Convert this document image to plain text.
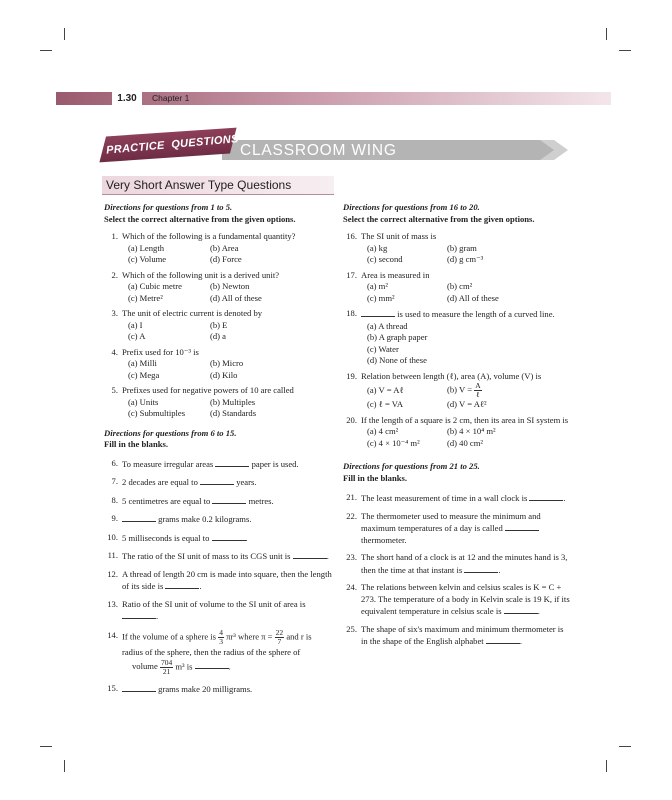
1.30	Chapter 1
PRACTICE QUESTIONS CLASSROOM WING
Very Short Answer Type Questions
Directions for questions from 1 to 5.
Select the correct alternative from the given options.
1. Which of the following is a fundamental quantity?
(a) Length	(b) Area
(c) Volume	(d) Force
2. Which of the following unit is a derived unit?
(a) Cubic metre	(b) Newton
(c) Metre²	(d) All of these
3. The unit of electric current is denoted by
(a) I	(b) E
(c) A	(d) a
4. Prefix used for 10⁻³ is
(a) Milli	(b) Micro
(c) Mega	(d) Kilo
5. Prefixes used for negative powers of 10 are called
(a) Units	(b) Multiples
(c) Submultiples	(d) Standards
Directions for questions from 6 to 15.
Fill in the blanks.
6. To measure irregular areas	paper is used.
7. 2 decades are equal to	years.
8. 5 centimetres are equal to	metres.
9.	grams make 0.2 kilograms.
10. 5 milliseconds is equal to	.
11. The ratio of the SI unit of mass to its CGS unit is	.
12. A thread of length 20 cm is made into square, then the length of its side is	.
13. Ratio of the SI unit of volume to the SI unit of area is .
14. If the volume of a sphere is $\frac{4}{3} \pi r^3$ where $\pi = \frac{22}{7}$ and r is radius of the sphere, then the radius of the sphere of
volume $\frac{704}{21} m^3$ is	.
15.	grams make 20 milligrams.
Directions for questions from 16 to 20.
Select the correct alternative from the given options.
16. The SI unit of mass is
(a) kg	(b) gram
(c) second	(d) g cm⁻³
17. Area is measured in
(a) m²	(b) cm²
(c) mm²	(d) All of these
18.	is used to measure the length of a curved line.
(a) A thread
(b) A graph paper
(c) Water
(d) None of these
19. Relation between length (ℓ), area (A), volume (V) is
(a) V = Aℓ	(b) $V = \frac{A}{\text{ℓ}}$
(c) ℓ = VA	(d) V = Aℓ²
20. If the length of a square is 2 cm, then its area in SI system is
(a) 4 cm²	(b) 4 × 10⁴ m²
(c) 4 × 10⁻⁴ m²	(d) 40 cm²
Directions for questions from 21 to 25.
Fill in the blanks.
21. The least measurement of time in a wall clock is	.
22. The thermometer used to measure the minimum and maximum temperatures of a day is called  thermometer.
23. The short hand of a clock is at 12 and the minutes hand is 3, then the time at that instant is	.
24. The relations between kelvin and celsius scales is K = C + 273. The temperature of a body in Kelvin scale is 19 K, if its equivalent temperature in celsius scale is	.
25. The shape of six's maximum and minimum thermometer is in the shape of the English alphabet	.
